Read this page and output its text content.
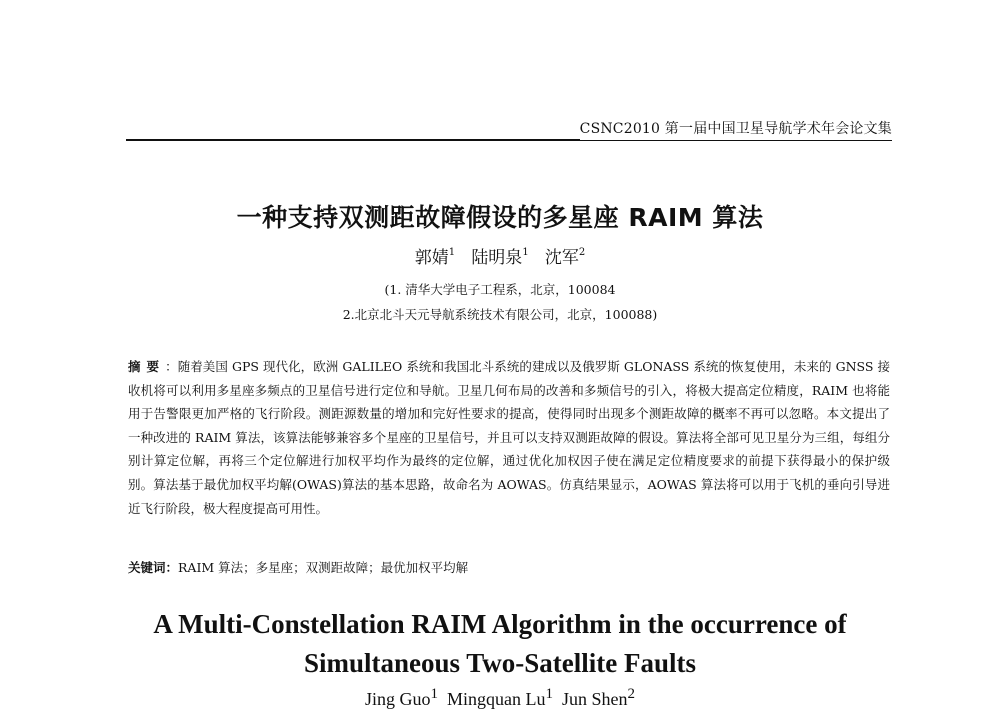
CSNC2010 第一届中国卫星导航学术年会论文集
一种支持双测距故障假设的多星座 RAIM 算法
郭婧$^1$ 陆明泉$^1$ 沈军$^2$
(1. 清华大学电子工程系，北京，100084
2.北京北斗天元导航系统技术有限公司，北京，100088)
摘要：随着美国 GPS 现代化，欧洲 GALILEO 系统和我国北斗系统的建成以及俄罗斯 GLONASS 系统的恢复使用，未来的 GNSS 接收机将可以利用多星座多频点的卫星信号进行定位和导航。卫星几何布局的改善和多频信号的引入，将极大提高定位精度，RAIM 也将能用于告警限更加严格的飞行阶段。测距源数量的增加和完好性要求的提高，使得同时出现多个测距故障的概率不再可以忽略。本文提出了一种改进的 RAIM 算法，该算法能够兼容多个星座的卫星信号，并且可以支持双测距故障的假设。算法将全部可见卫星分为三组，每组分别计算定位解，再将三个定位解进行加权平均作为最终的定位解，通过优化加权因子使在满足定位精度要求的前提下获得最小的保护级别。算法基于最优加权平均解(OWAS)算法的基本思路，故命名为 AOWAS。仿真结果显示，AOWAS 算法将可以用于飞机的垂向引导进近飞行阶段，极大程度提高可用性。
关键词：RAIM 算法；多星座；双测距故障；最优加权平均解
A Multi-Constellation RAIM Algorithm in the occurrence of
Simultaneous Two-Satellite Faults
Jing Guo$^1$ Mingquan Lu$^1$ Jun Shen$^2$
